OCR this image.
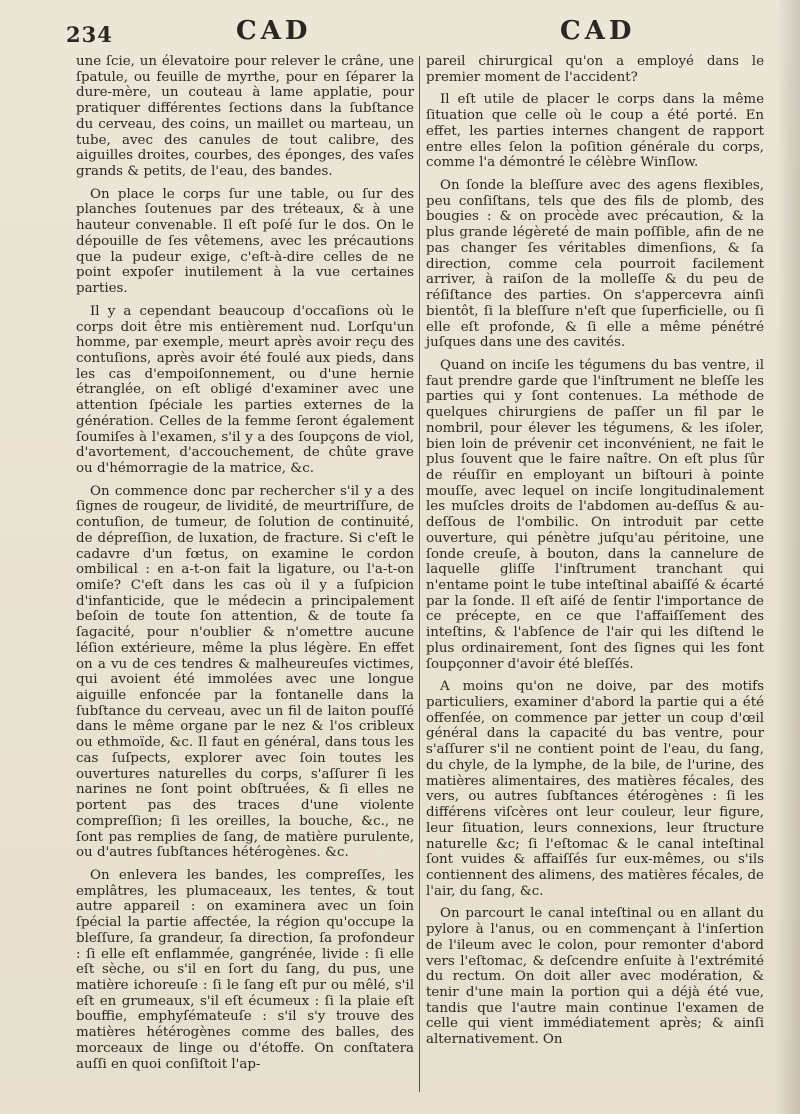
234	CAD	CAD

une ſcie, un élevatoire pour relever le crâne, une ſpatule, ou feuille de myrthe, pour en ſéparer la dure-mère, un couteau à lame applatie, pour pratiquer différentes ſections dans la ſubſtance du cerveau, des coins, un maillet ou marteau, un tube, avec des canules de tout calibre, des aiguilles droites, courbes, des éponges, des vaſes grands & petits, de l'eau, des bandes.

On place le corps ſur une table, ou ſur des planches ſoutenues par des tréteaux, & à une hauteur convenable. Il eſt poſé ſur le dos. On le dépouille de ſes vêtemens, avec les précautions que la pudeur exige, c'eſt-à-dire celles de ne point expoſer inutilement à la vue certaines parties.

Il y a cependant beaucoup d'occaſions où le corps doit être mis entièrement nud. Lorſqu'un homme, par exemple, meurt après avoir reçu des contuſions, après avoir été foulé aux pieds, dans les cas d'empoiſonnement, ou d'une hernie étranglée, on eſt obligé d'examiner avec une attention ſpéciale les parties externes de la génération. Celles de la femme ſeront également ſoumiſes à l'examen, s'il y a des ſoupçons de viol, d'avortement, d'accouchement, de chûte grave ou d'hémorragie de la matrice, &c.

On commence donc par rechercher s'il y a des ſignes de rougeur, de lividité, de meurtriſſure, de contuſion, de tumeur, de ſolution de continuité, de dépreſſion, de luxation, de fracture. Si c'eſt le cadavre d'un fœtus, on examine le cordon ombilical : en a-t-on fait la ligature, ou l'a-t-on omiſe? C'eſt dans les cas où il y a ſuſpicion d'infanticide, que le médecin a principalement beſoin de toute ſon attention, & de toute ſa ſagacité, pour n'oublier & n'omettre aucune léſion extérieure, même la plus légère. En effet on a vu de ces tendres & malheureuſes victimes, qui avoient été immolées avec une longue aiguille enfoncée par la fontanelle dans la ſubſtance du cerveau, avec un fil de laiton pouſſé dans le même organe par le nez & l'os cribleux ou ethmoïde, &c. Il faut en général, dans tous les cas ſuſpects, explorer avec ſoin toutes les ouvertures naturelles du corps, s'aſſurer ſi les narines ne ſont point obſtruées, & ſi elles ne portent pas des traces d'une violente compreſſion; ſi les oreilles, la bouche, &c., ne ſont pas remplies de ſang, de matière purulente, ou d'autres ſubſtances hétérogènes. &c.

On enlevera les bandes, les compreſſes, les emplâtres, les plumaceaux, les tentes, & tout autre appareil : on examinera avec un ſoin ſpécial la partie affectée, la région qu'occupe la bleſſure, ſa grandeur, ſa direction, ſa profondeur : ſi elle eſt enflammée, gangrénée, livide : ſi elle eſt sèche, ou s'il en ſort du ſang, du pus, une matière ichoreuſe : ſi le ſang eſt pur ou mêlé, s'il eſt en grumeaux, s'il eſt écumeux : ſi la plaie eſt bouffie, emphyſémateuſe : s'il s'y trouve des matières hétérogènes comme des balles, des morceaux de linge ou d'étoffe. On conſtatera auſſi en quoi conſiſtoit l'ap-

pareil chirurgical qu'on a employé dans le premier moment de l'accident?

Il eſt utile de placer le corps dans la même ſituation que celle où le coup a été porté. En effet, les parties internes changent de rapport entre elles ſelon la poſition générale du corps, comme l'a démontré le célèbre Winſlow.

On ſonde la bleſſure avec des agens flexibles, peu conſiſtans, tels que des fils de plomb, des bougies : & on procède avec précaution, & la plus grande légèreté de main poſſible, afin de ne pas changer ſes véritables dimenſions, & ſa direction, comme cela pourroit facilement arriver, à raiſon de la molleſſe & du peu de réſiſtance des parties. On s'appercevra ainſi bientôt, ſi la bleſſure n'eſt que ſuperficielle, ou ſi elle eſt profonde, & ſi elle a même pénétré juſques dans une des cavités.

Quand on inciſe les tégumens du bas ventre, il faut prendre garde que l'inſtrument ne bleſſe les parties qui y ſont contenues. La méthode de quelques chirurgiens de paſſer un fil par le nombril, pour élever les tégumens, & les iſoler, bien loin de prévenir cet inconvénient, ne fait le plus ſouvent que le faire naître. On eſt plus ſûr de réuſſir en employant un biſtouri à pointe mouſſe, avec lequel on inciſe longitudinalement les muſcles droits de l'abdomen au-deſſus & au-deſſous de l'ombilic. On introduit par cette ouverture, qui pénètre juſqu'au péritoine, une ſonde creuſe, à bouton, dans la cannelure de laquelle gliſſe l'inſtrument tranchant qui n'entame point le tube inteſtinal abaiſſé & écarté par la ſonde. Il eſt aiſé de ſentir l'importance de ce précepte, en ce que l'affaiſſement des inteſtins, & l'abſence de l'air qui les diſtend le plus ordinairement, ſont des ſignes qui les font ſoupçonner d'avoir été bleſſés.

A moins qu'on ne doive, par des motifs particuliers, examiner d'abord la partie qui a été offenſée, on commence par jetter un coup d'œil général dans la capacité du bas ventre, pour s'aſſurer s'il ne contient point de l'eau, du ſang, du chyle, de la lymphe, de la bile, de l'urine, des matières alimentaires, des matières fécales, des vers, ou autres ſubſtances étérogènes : ſi les différens viſcères ont leur couleur, leur figure, leur ſituation, leurs connexions, leur ſtructure naturelle &c; ſi l'eſtomac & le canal inteſtinal ſont vuides & affaiſſés ſur eux-mêmes, ou s'ils contiennent des alimens, des matières fécales, de l'air, du ſang, &c.

On parcourt le canal inteſtinal ou en allant du pylore à l'anus, ou en commençant à l'inſertion de l'ileum avec le colon, pour remonter d'abord vers l'eſtomac, & deſcendre enſuite à l'extrémité du rectum. On doit aller avec modération, & tenir d'une main la portion qui a déjà été vue, tandis que l'autre main continue l'examen de celle qui vient immédiatement après; & ainſi alternativement. On
